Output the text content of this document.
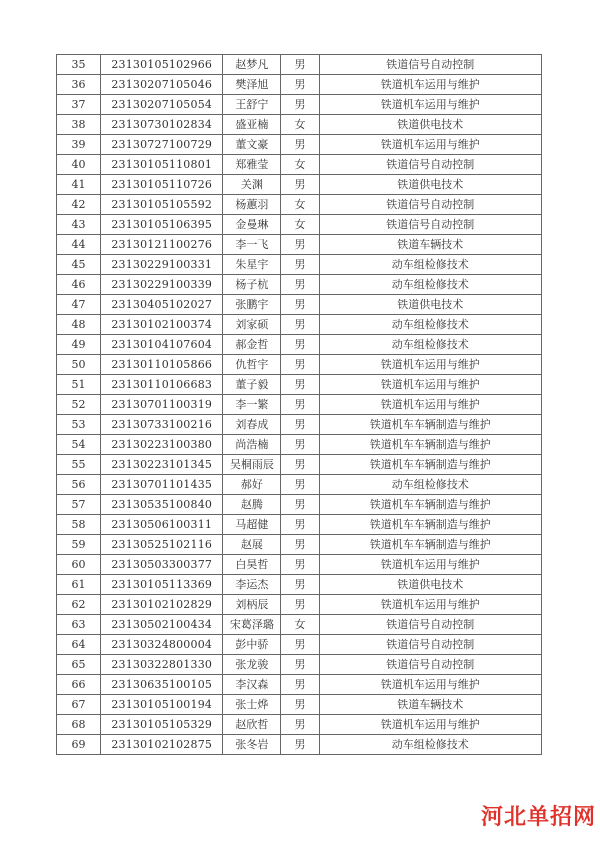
35	23130105102966	赵梦凡	男	铁道信号自动控制
36	23130207105046	樊泽旭	男	铁道机车运用与维护
37	23130207105054	王舒宁	男	铁道机车运用与维护
38	23130730102834	盛亚楠	女	铁道供电技术
39	23130727100729	董文豪	男	铁道机车运用与维护
40	23130105110801	郑雅莹	女	铁道信号自动控制
41	23130105110726	关渊	男	铁道供电技术
42	23130105105592	杨蕙羽	女	铁道信号自动控制
43	23130105106395	金曼琳	女	铁道信号自动控制
44	23130121100276	李一飞	男	铁道车辆技术
45	23130229100331	朱星宇	男	动车组检修技术
46	23130229100339	杨子杭	男	动车组检修技术
47	23130405102027	张鹏宇	男	铁道供电技术
48	23130102100374	刘家硕	男	动车组检修技术
49	23130104107604	郝金哲	男	动车组检修技术
50	23130110105866	仇哲宇	男	铁道机车运用与维护
51	23130110106683	董子毅	男	铁道机车运用与维护
52	23130701100319	李一繁	男	铁道机车运用与维护
53	23130733100216	刘春成	男	铁道机车车辆制造与维护
54	23130223100380	尚浩楠	男	铁道机车车辆制造与维护
55	23130223101345	吴桐雨辰	男	铁道机车车辆制造与维护
56	23130701101435	郝好	男	动车组检修技术
57	23130535100840	赵腾	男	铁道机车车辆制造与维护
58	23130506100311	马超健	男	铁道机车车辆制造与维护
59	23130525102116	赵展	男	铁道机车车辆制造与维护
60	23130503300377	白昊哲	男	铁道机车运用与维护
61	23130105113369	李运杰	男	铁道供电技术
62	23130102102829	刘柄辰	男	铁道机车运用与维护
63	23130502100434	宋葛泽璐	女	铁道信号自动控制
64	23130324800004	彭中骄	男	铁道信号自动控制
65	23130322801330	张龙骏	男	铁道信号自动控制
66	23130635100105	李汉森	男	铁道机车运用与维护
67	23130105100194	张士烨	男	铁道车辆技术
68	23130105105329	赵欣哲	男	铁道机车运用与维护
69	23130102102875	张冬岩	男	动车组检修技术
河北单招网
